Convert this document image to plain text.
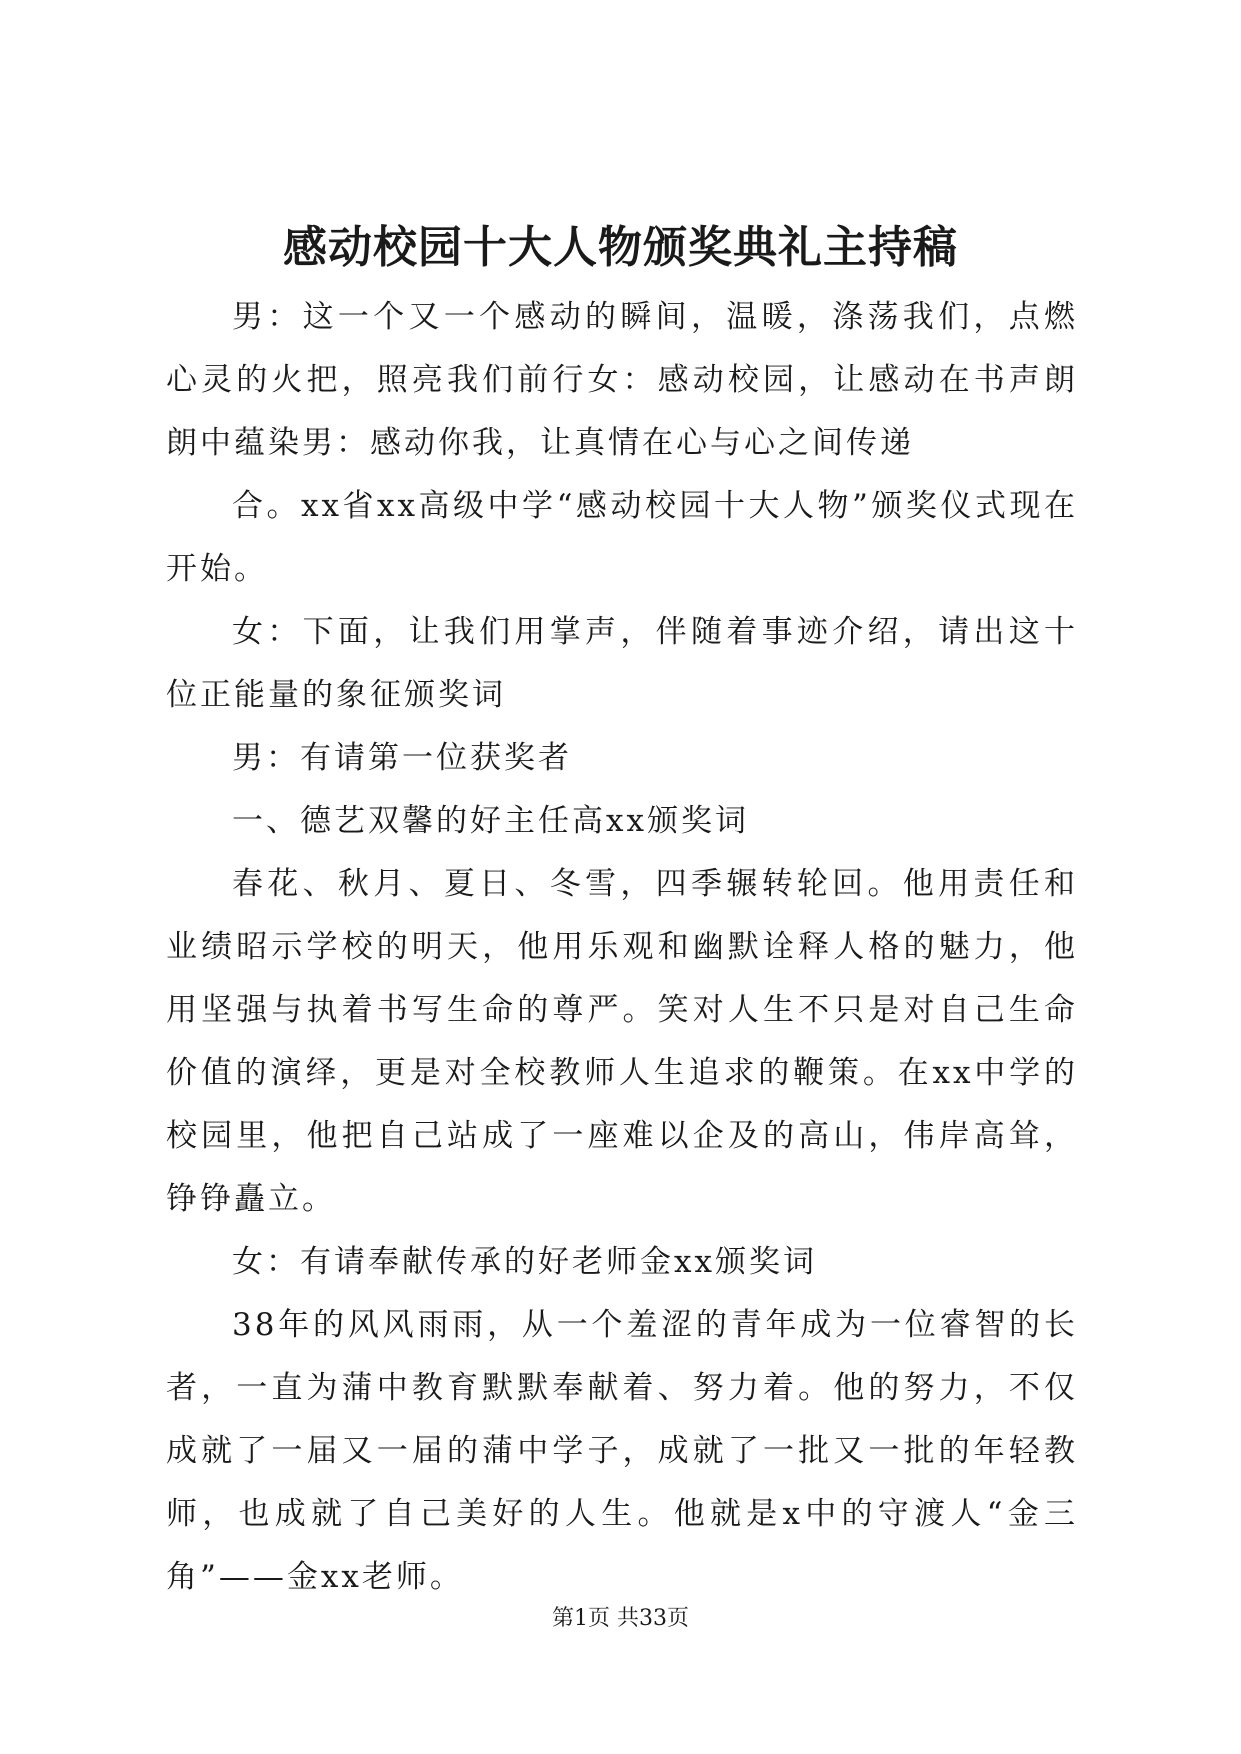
感动校园十大人物颁奖典礼主持稿

男：这一个又一个感动的瞬间，温暖，涤荡我们，点燃心灵的火把，照亮我们前行女：感动校园，让感动在书声朗朗中蕴染男：感动你我，让真情在心与心之间传递

合。xx省xx高级中学“感动校园十大人物”颁奖仪式现在开始。

女：下面，让我们用掌声，伴随着事迹介绍，请出这十位正能量的象征颁奖词

男：有请第一位获奖者

一、德艺双馨的好主任高xx颁奖词

春花、秋月、夏日、冬雪，四季辗转轮回。他用责任和业绩昭示学校的明天，他用乐观和幽默诠释人格的魅力，他用坚强与执着书写生命的尊严。笑对人生不只是对自己生命价值的演绎，更是对全校教师人生追求的鞭策。在xx中学的校园里，他把自己站成了一座难以企及的高山，伟岸高耸，铮铮矗立。

女：有请奉献传承的好老师金xx颁奖词

38年的风风雨雨，从一个羞涩的青年成为一位睿智的长者，一直为蒲中教育默默奉献着、努力着。他的努力，不仅成就了一届又一届的蒲中学子，成就了一批又一批的年轻教师，也成就了自己美好的人生。他就是x中的守渡人“金三角”——金xx老师。

第1页 共33页
